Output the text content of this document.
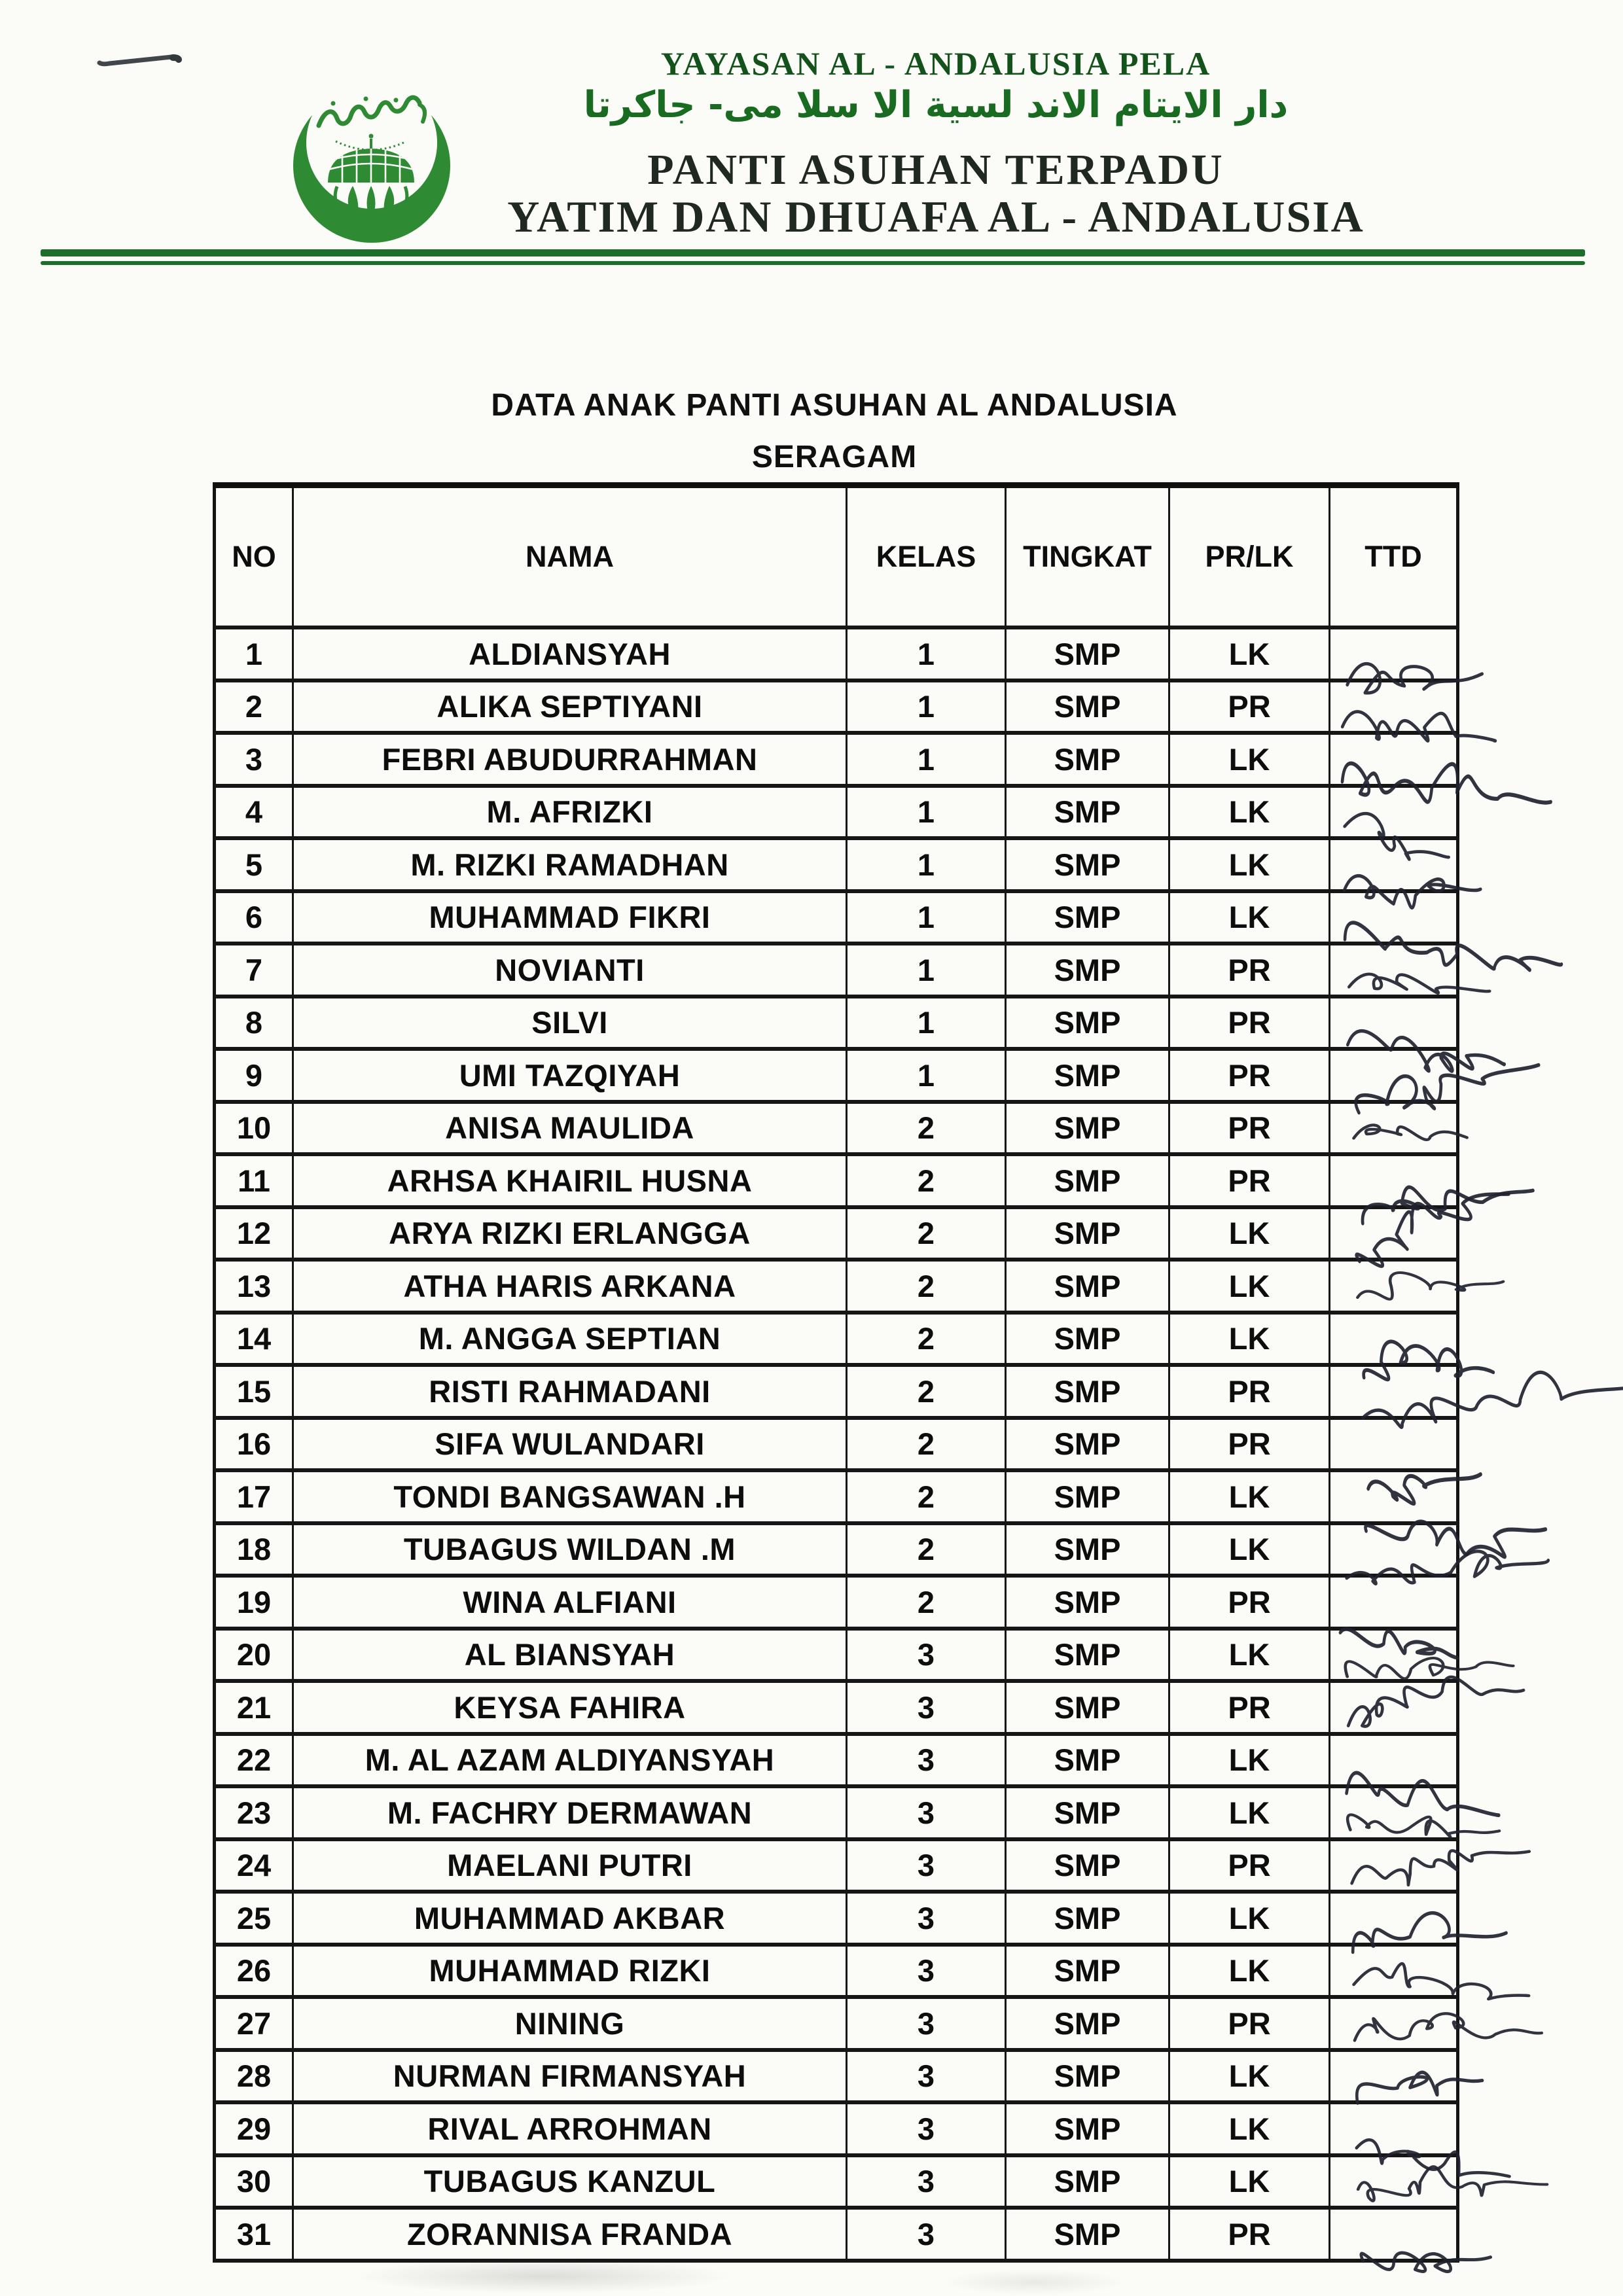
YAYASAN AL - ANDALUSIA PELA
دار الايتام الاند لسية الا سلا مى- جاكرتا
PANTI ASUHAN TERPADU
YATIM DAN DHUAFA AL - ANDALUSIA
DATA ANAK PANTI ASUHAN AL ANDALUSIA
SERAGAM
NO	NAMA	KELAS	TINGKAT	PR/LK	TTD
1	ALDIANSYAH	1	SMP	LK	

2	ALIKA SEPTIYANI	1	SMP	PR	

3	FEBRI ABUDURRAHMAN	1	SMP	LK	

4	M. AFRIZKI	1	SMP	LK	

5	M. RIZKI RAMADHAN	1	SMP	LK	

6	MUHAMMAD FIKRI	1	SMP	LK	

7	NOVIANTI	1	SMP	PR	

8	SILVI	1	SMP	PR	

9	UMI TAZQIYAH	1	SMP	PR	

10	ANISA MAULIDA	2	SMP	PR	

11	ARHSA KHAIRIL HUSNA	2	SMP	PR	

12	ARYA RIZKI ERLANGGA	2	SMP	LK	

13	ATHA HARIS ARKANA	2	SMP	LK	

14	M. ANGGA SEPTIAN	2	SMP	LK	

15	RISTI RAHMADANI	2	SMP	PR	

16	SIFA WULANDARI	2	SMP	PR	

17	TONDI BANGSAWAN .H	2	SMP	LK	

18	TUBAGUS WILDAN .M	2	SMP	LK	

19	WINA ALFIANI	2	SMP	PR	

20	AL BIANSYAH	3	SMP	LK	

21	KEYSA FAHIRA	3	SMP	PR	

22	M. AL AZAM ALDIYANSYAH	3	SMP	LK	

23	M. FACHRY DERMAWAN	3	SMP	LK	

24	MAELANI PUTRI	3	SMP	PR	

25	MUHAMMAD AKBAR	3	SMP	LK	

26	MUHAMMAD RIZKI	3	SMP	LK	

27	NINING	3	SMP	PR	

28	NURMAN FIRMANSYAH	3	SMP	LK	

29	RIVAL ARROHMAN	3	SMP	LK	

30	TUBAGUS KANZUL	3	SMP	LK	

31	ZORANNISA FRANDA	3	SMP	PR	
